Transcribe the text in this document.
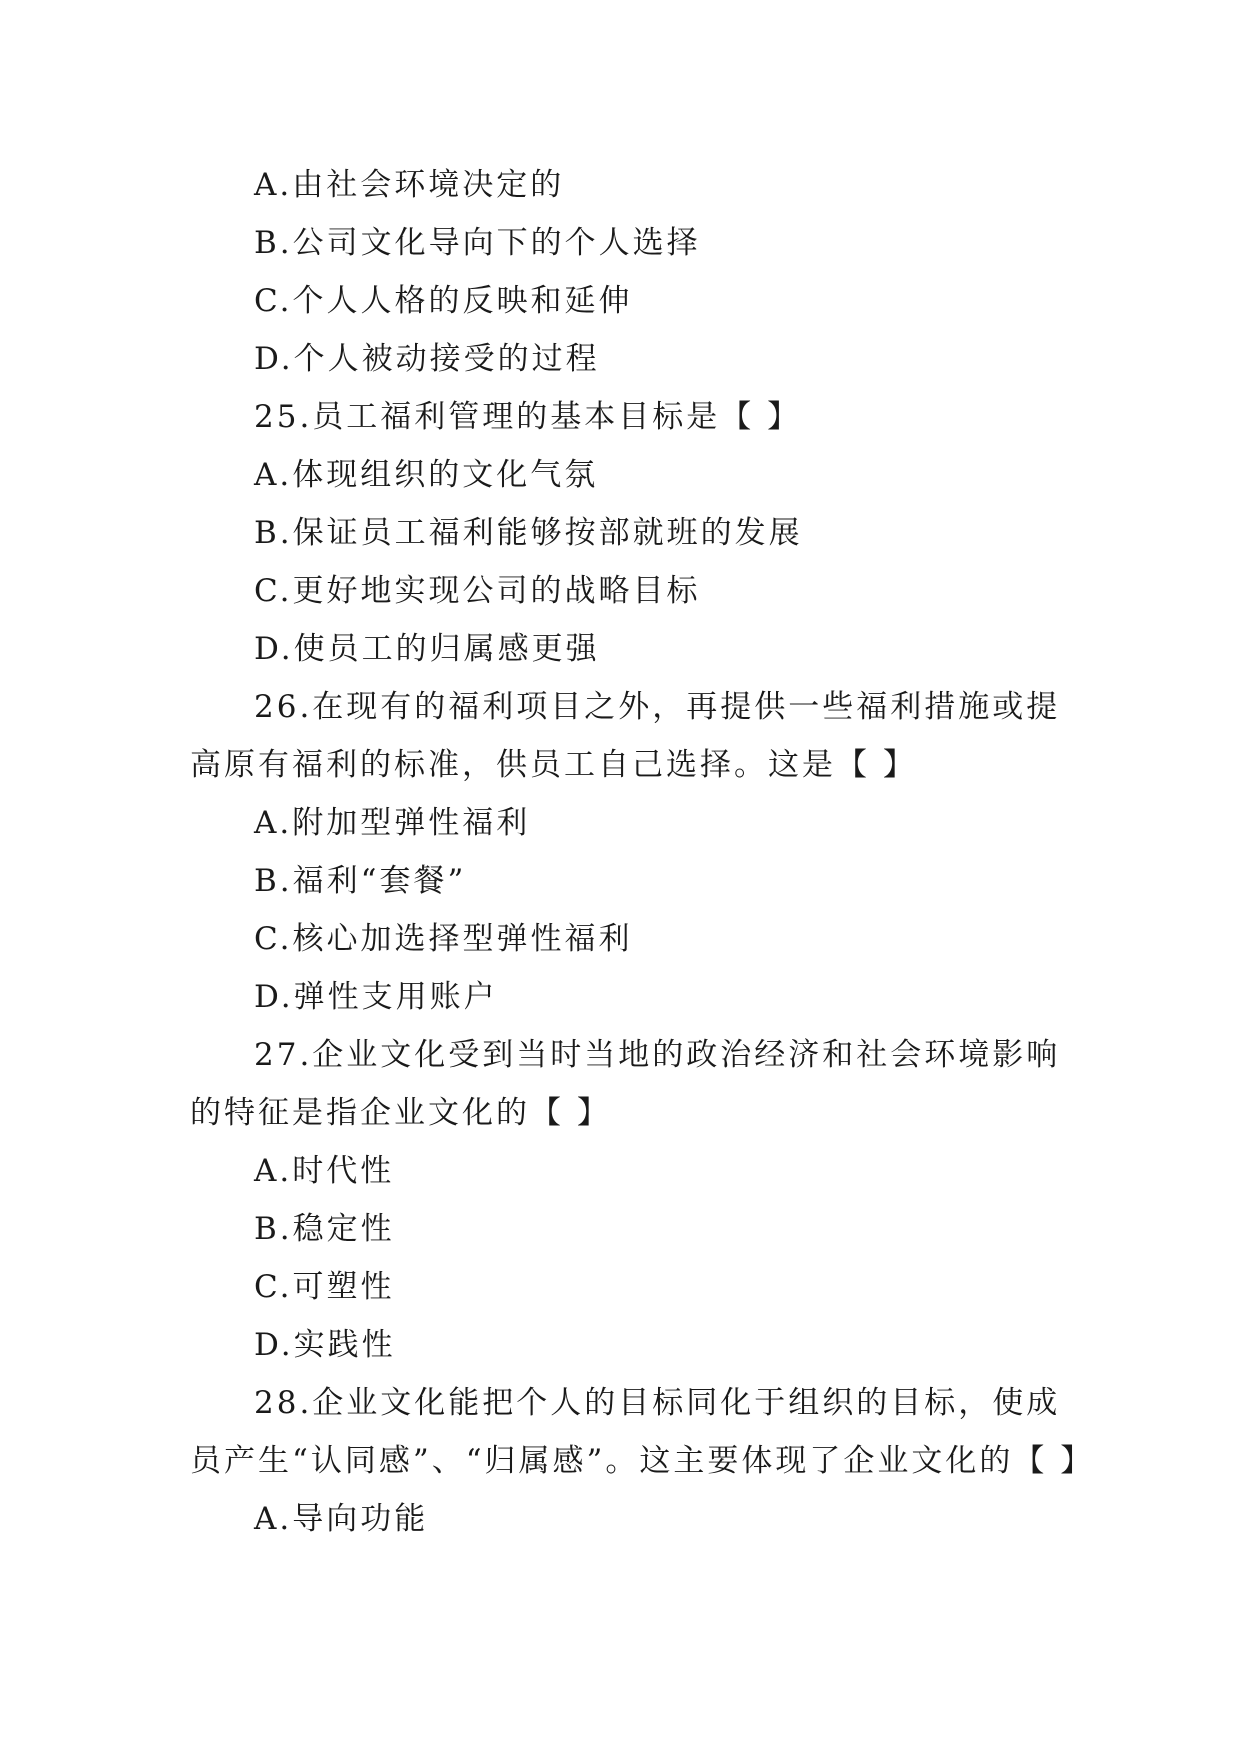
A.由社会环境决定的
B.公司文化导向下的个人选择
C.个人人格的反映和延伸
D.个人被动接受的过程
25.员工福利管理的基本目标是【 】
A.体现组织的文化气氛
B.保证员工福利能够按部就班的发展
C.更好地实现公司的战略目标
D.使员工的归属感更强
26.在现有的福利项目之外，再提供一些福利措施或提
高原有福利的标准，供员工自己选择。这是【 】
A.附加型弹性福利
B.福利“套餐”
C.核心加选择型弹性福利
D.弹性支用账户
27.企业文化受到当时当地的政治经济和社会环境影响
的特征是指企业文化的【 】
A.时代性
B.稳定性
C.可塑性
D.实践性
28.企业文化能把个人的目标同化于组织的目标，使成
员产生“认同感”、“归属感”。这主要体现了企业文化的【 】
A.导向功能
